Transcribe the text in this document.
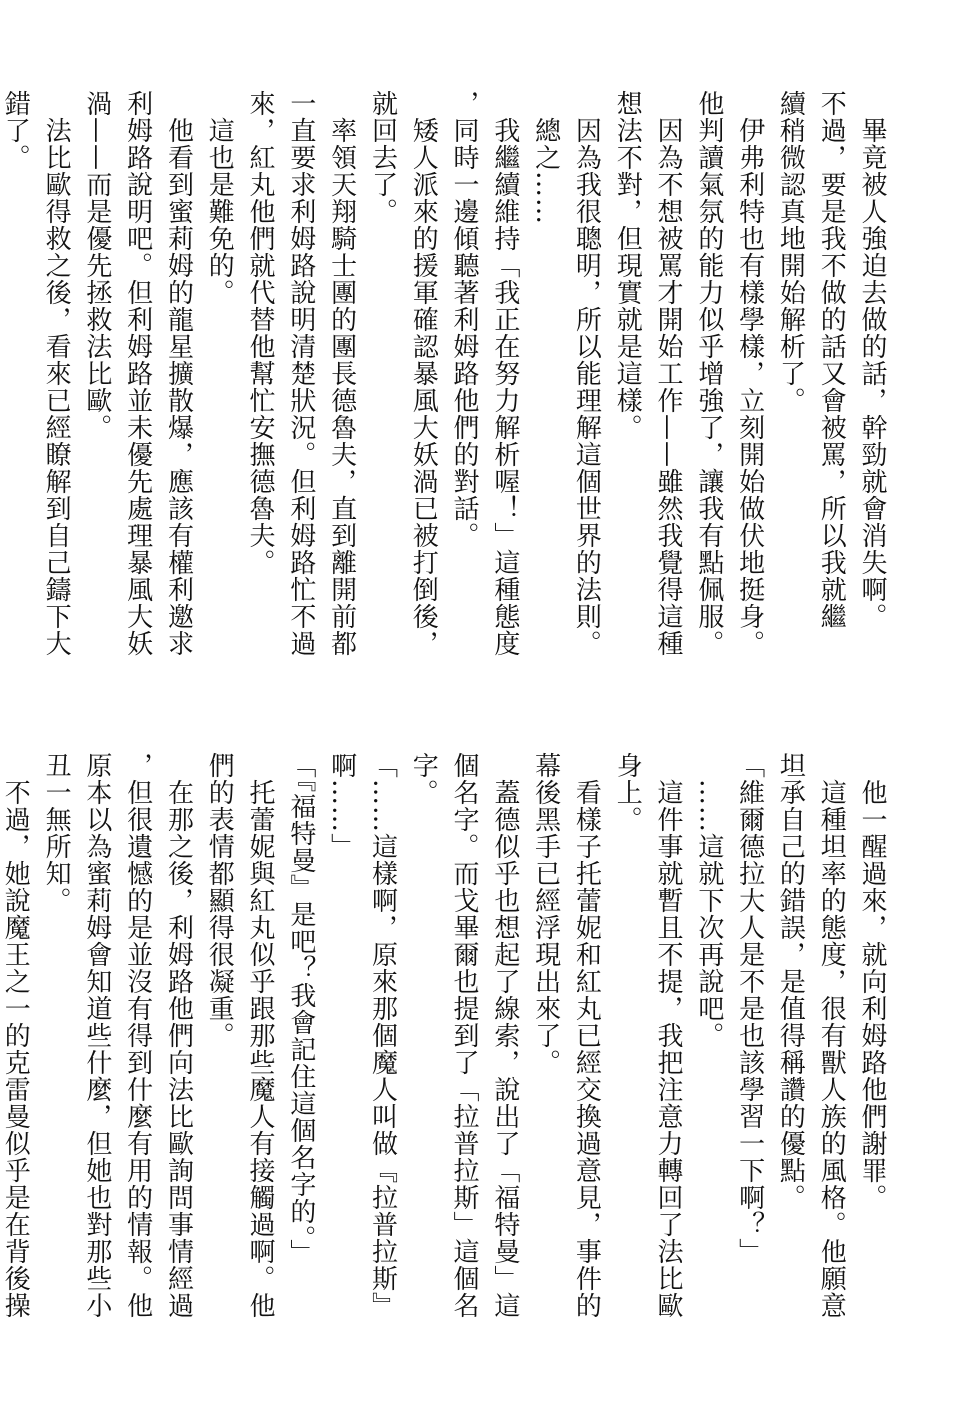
　畢竟被人強迫去做的話，幹勁就會消失啊。
不過，要是我不做的話又會被罵，所以我就繼
續稍微認真地開始解析了。
　伊弗利特也有樣學樣，立刻開始做伏地挺身。
他判讀氣氛的能力似乎增強了，讓我有點佩服。
　因為不想被罵才開始工作——雖然我覺得這種
想法不對，但現實就是這樣。
　因為我很聰明，所以能理解這個世界的法則。
　總之……
　我繼續維持「我正在努力解析喔！」這種態度
，同時一邊傾聽著利姆路他們的對話。
　矮人派來的援軍確認暴風大妖渦已被打倒後，
就回去了。
　率領天翔騎士團的團長德魯夫，直到離開前都
一直要求利姆路說明清楚狀況。但利姆路忙不過
來，紅丸他們就代替他幫忙安撫德魯夫。
　這也是難免的。
　他看到蜜莉姆的龍星擴散爆，應該有權利邀求
利姆路說明吧。但利姆路並未優先處理暴風大妖
渦——而是優先拯救法比歐。
　法比歐得救之後，看來已經瞭解到自己鑄下大
錯了。
　他一醒過來，就向利姆路他們謝罪。
　這種坦率的態度，很有獸人族的風格。他願意
坦承自己的錯誤，是值得稱讚的優點。
「維爾德拉大人是不是也該學習一下啊？」
　……這就下次再說吧。
　這件事就暫且不提，我把注意力轉回了法比歐
身上。
　看樣子托蕾妮和紅丸已經交換過意見，事件的
幕後黑手已經浮現出來了。
　蓋德似乎也想起了線索，說出了「福特曼」這
個名字。而戈畢爾也提到了「拉普拉斯」這個名
字。
「……這樣啊，原來那個魔人叫做『拉普拉斯』
啊……」
「『福特曼』是吧？我會記住這個名字的。」
　托蕾妮與紅丸似乎跟那些魔人有接觸過啊。他
們的表情都顯得很凝重。
　在那之後，利姆路他們向法比歐詢問事情經過
，但很遺憾的是並沒有得到什麼有用的情報。他
原本以為蜜莉姆會知道些什麼，但她也對那些小
丑一無所知。
　不過，她說魔王之一的克雷曼似乎是在背後操
